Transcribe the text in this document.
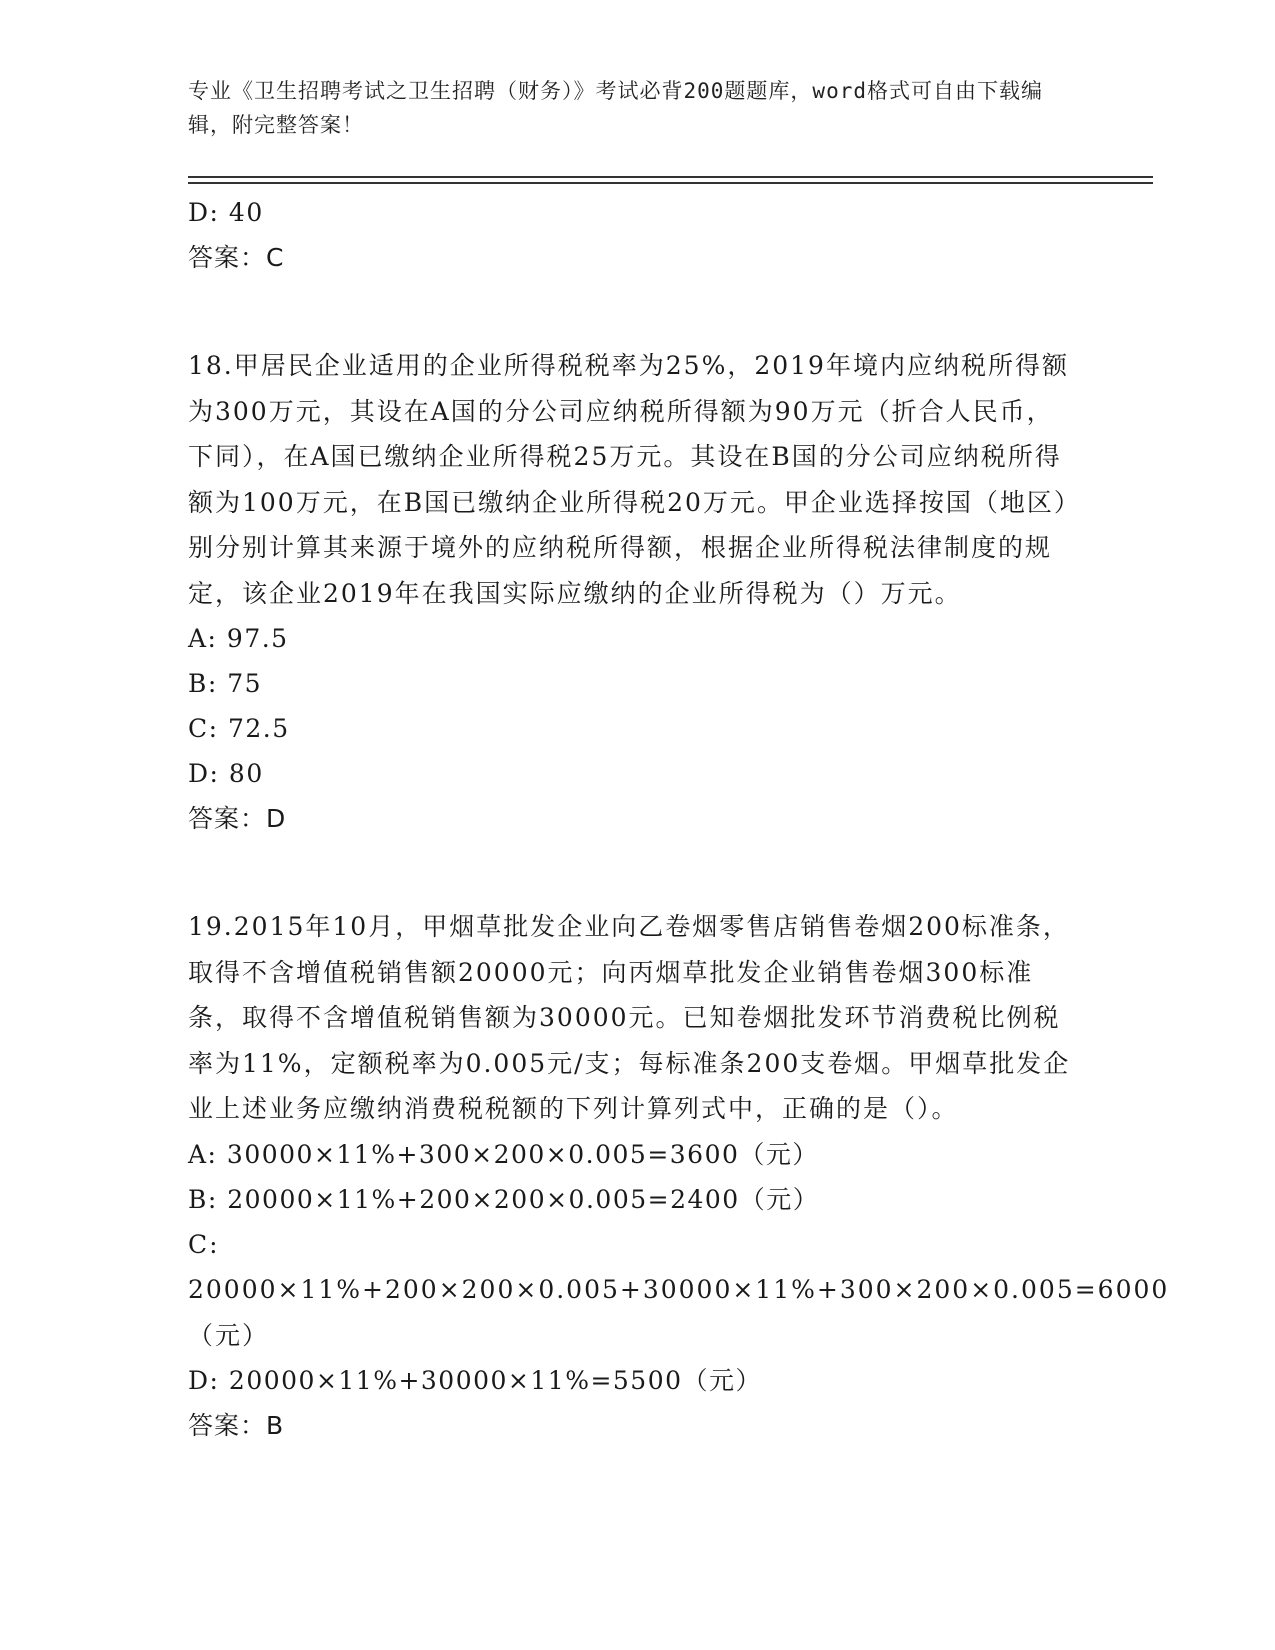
专业《卫生招聘考试之卫生招聘（财务）》考试必背200题题库，word格式可自由下载编辑，附完整答案！
D: 40
答案：C
18.甲居民企业适用的企业所得税税率为25%，2019年境内应纳税所得额为300万元，其设在A国的分公司应纳税所得额为90万元（折合人民币，下同），在A国已缴纳企业所得税25万元。其设在B国的分公司应纳税所得额为100万元，在B国已缴纳企业所得税20万元。甲企业选择按国（地区）别分别计算其来源于境外的应纳税所得额，根据企业所得税法律制度的规定，该企业2019年在我国实际应缴纳的企业所得税为（）万元。
A: 97.5
B: 75
C: 72.5
D: 80
答案：D
19.2015年10月，甲烟草批发企业向乙卷烟零售店销售卷烟200标准条，取得不含增值税销售额20000元；向丙烟草批发企业销售卷烟300标准条，取得不含增值税销售额为30000元。已知卷烟批发环节消费税比例税率为11%，定额税率为0.005元/支；每标准条200支卷烟。甲烟草批发企业上述业务应缴纳消费税税额的下列计算列式中，正确的是（）。
A: 30000×11%+300×200×0.005=3600（元）
B: 20000×11%+200×200×0.005=2400（元）
C: 20000×11%+200×200×0.005+30000×11%+300×200×0.005=6000（元）
D: 20000×11%+30000×11%=5500（元）
答案：B
